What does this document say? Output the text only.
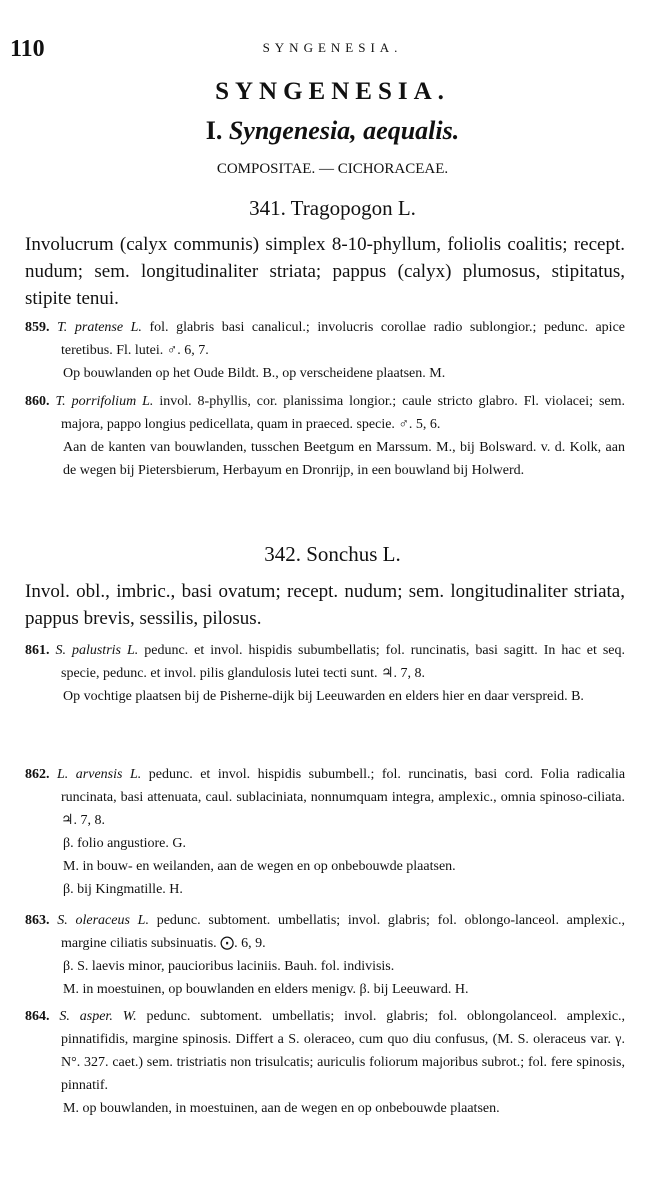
110	SYNGENESIA.
SYNGENESIA.
I. Syngenesia, aequalis.
COMPOSITAE. — CICHORACEAE.
341. Tragopogon L.
Involucrum (calyx communis) simplex 8-10-phyllum, foliolis coalitis; recept. nudum; sem. longitudinaliter striata; pappus (calyx) plumosus, stipitatus, stipite tenui.
859. T. pratense L. fol. glabris basi canalicul.; involucris corollae radio sublongior.; pedunc. apice teretibus. Fl. lutei. ♂. 6, 7.
Op bouwlanden op het Oude Bildt. B., op verscheidene plaatsen. M.
860. T. porrifolium L. invol. 8-phyllis, cor. planissima longior.; caule stricto glabro. Fl. violacei; sem. majora, pappo longius pedicellata, quam in praeced. specie. ♂. 5, 6.
Aan de kanten van bouwlanden, tusschen Beetgum en Marssum. M., bij Bolsward. v. d. Kolk, aan de wegen bij Pietersbierum, Herbayum en Dronrijp, in een bouwland bij Holwerd.
342. Sonchus L.
Invol. obl., imbric., basi ovatum; recept. nudum; sem. longitudinaliter striata, pappus brevis, sessilis, pilosus.
861. S. palustris L. pedunc. et invol. hispidis subumbellatis; fol. runcinatis, basi sagitt. In hac et seq. specie, pedunc. et invol. pilis glandulosis lutei tecti sunt. ♃. 7, 8.
Op vochtige plaatsen bij de Pisherne-dijk bij Leeuwarden en elders hier en daar verspreid. B.
862. L. arvensis L. pedunc. et invol. hispidis subumbell.; fol. runcinatis, basi cord. Folia radicalia runcinata, basi attenuata, caul. sublaciniata, nonnumquam integra, amplexic., omnia spinoso-ciliata. ♃. 7, 8.
β. folio angustiore. G.
M. in bouw- en weilanden, aan de wegen en op onbebouwde plaatsen.
β. bij Kingmatille. H.
863. S. oleraceus L. pedunc. subtoment. umbellatis; invol. glabris; fol. oblongo-lanceol. amplexic., margine ciliatis subsinuatis. ⨀. 6, 9.
β. S. laevis minor, paucioribus laciniis. Bauh. fol. indivisis.
M. in moestuinen, op bouwlanden en elders menigv. β. bij Leeuward. H.
864. S. asper. W. pedunc. subtoment. umbellatis; invol. glabris; fol. oblongolanceol. amplexic., pinnatifidis, margine spinosis. Differt a S. oleraceo, cum quo diu confusus, (M. S. oleraceus var. γ. N°. 327. caet.) sem. tristriatis non trisulcatis; auriculis foliorum majoribus subrot.; fol. fere spinosis, pinnatif.
M. op bouwlanden, in moestuinen, aan de wegen en op onbebouwde plaatsen.
